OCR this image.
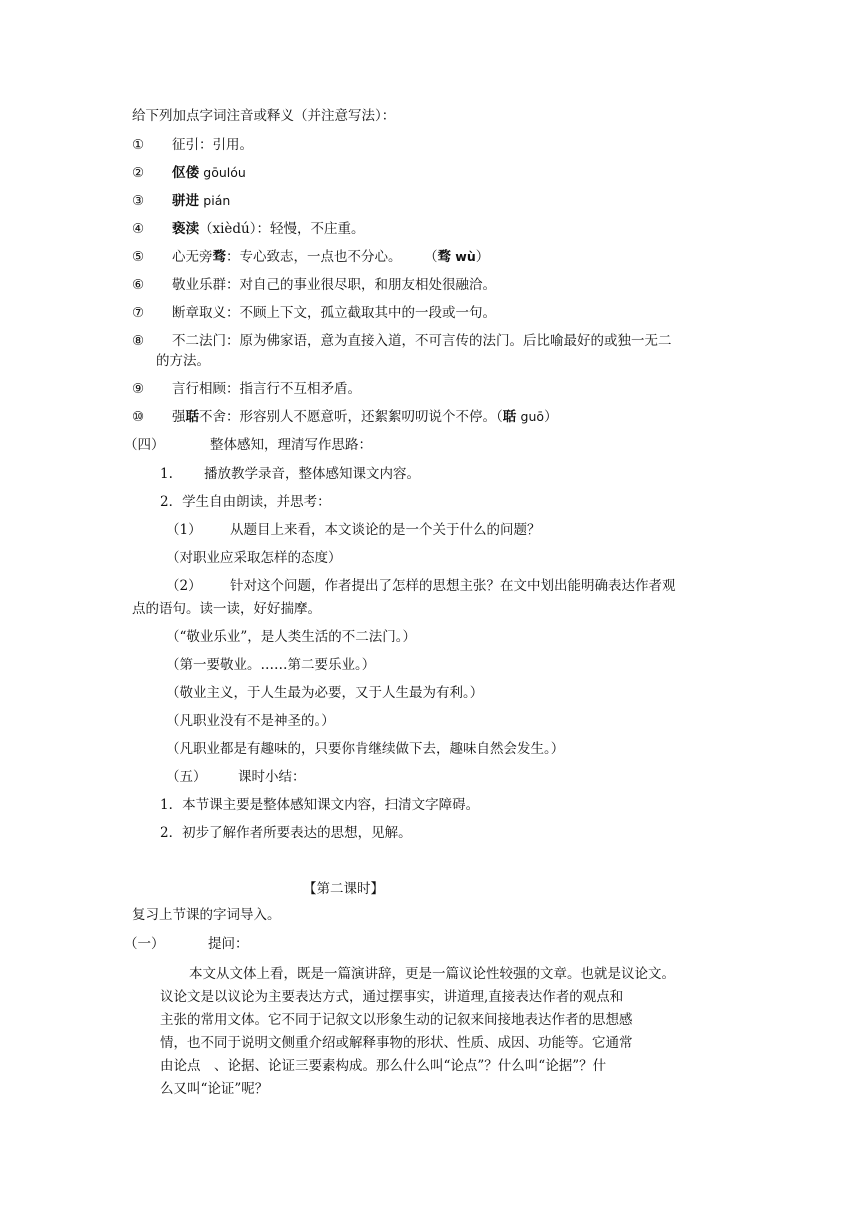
给下列加点字词注音或释义（并注意写法）：
① 征引：引用。
② 伛偻 gōulóu
③ 骈进 pián
④ 亵渎（xièdú）：轻慢，不庄重。
⑤ 心无旁骛：专心致志，一点也不分心。 （骛 wù）
⑥ 敬业乐群：对自己的事业很尽职，和朋友相处很融洽。
⑦ 断章取义：不顾上下文，孤立截取其中的一段或一句。
⑧ 不二法门：原为佛家语，意为直接入道，不可言传的法门。后比喻最好的或独一无二
的方法。
⑨ 言行相顾：指言行不互相矛盾。
⑩ 强聒不舍：形容别人不愿意听，还絮絮叨叨说个不停。（聒 guō）
（四）	整体感知，理清写作思路：
1. 播放教学录音，整体感知课文内容。
2．学生自由朗读，并思考：
（1） 从题目上来看，本文谈论的是一个关于什么的问题？
（对职业应采取怎样的态度）
（2） 针对这个问题，作者提出了怎样的思想主张？在文中划出能明确表达作者观
点的语句。读一读，好好揣摩。
（“敬业乐业”，是人类生活的不二法门。）
（第一要敬业。……第二要乐业。）
（敬业主义，于人生最为必要，又于人生最为有利。）
（凡职业没有不是神圣的。）
（凡职业都是有趣味的，只要你肯继续做下去，趣味自然会发生。）
（五） 课时小结：
1．本节课主要是整体感知课文内容，扫清文字障碍。
2．初步了解作者所要表达的思想，见解。
【第二课时】
复习上节课的字词导入。
（一）	提问：
本文从文体上看，既是一篇演讲辞，更是一篇议论性较强的文章。也就是议论文。
议论文是以议论为主要表达方式，通过摆事实，讲道理,直接表达作者的观点和
主张的常用文体。它不同于记叙文以形象生动的记叙来间接地表达作者的思想感
情，也不同于说明文侧重介绍或解释事物的形状、性质、成因、功能等。它通常
由论点　、论据、论证三要素构成。那么什么叫“论点”？什么叫“论据”？什
么又叫“论证”呢？
